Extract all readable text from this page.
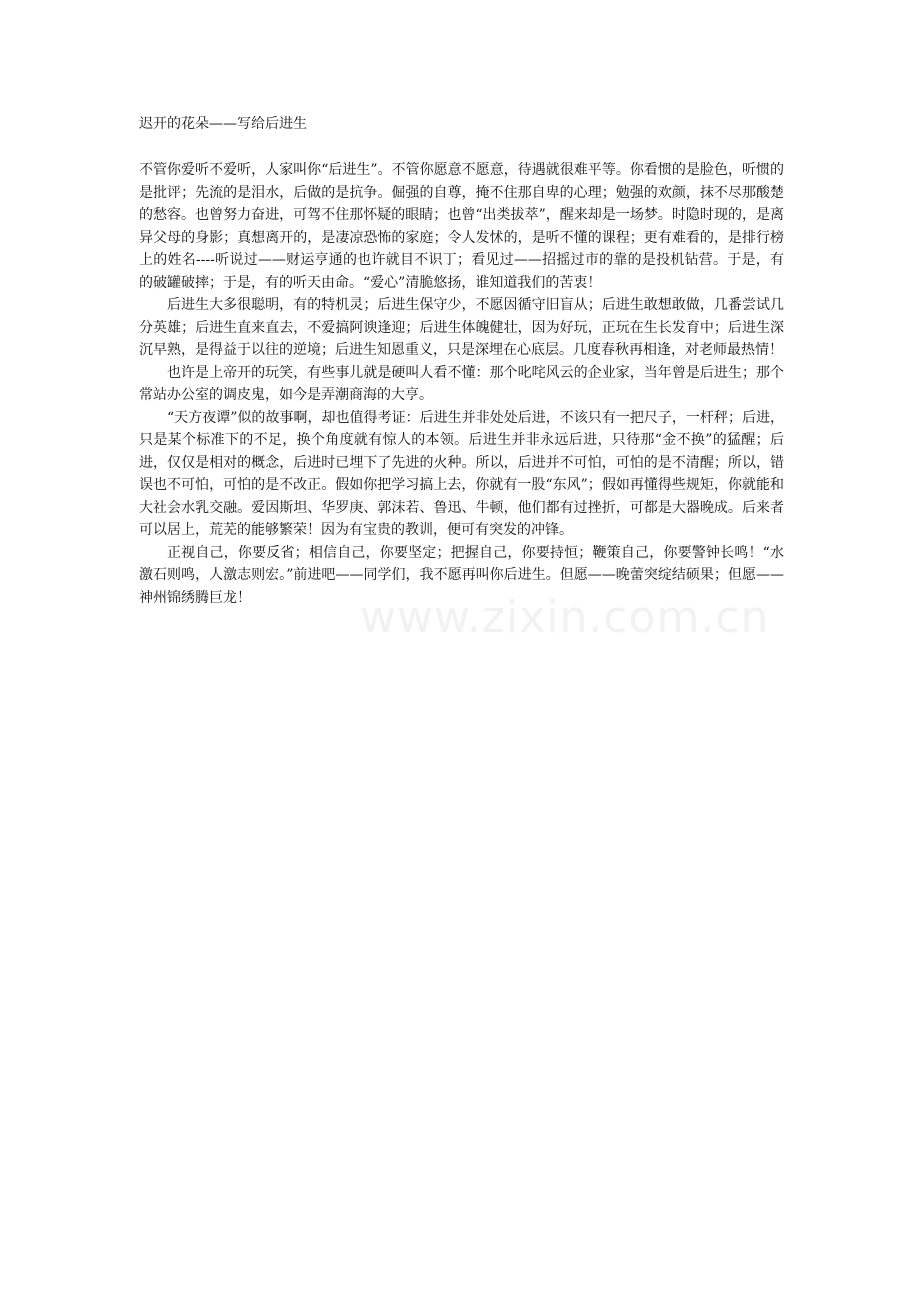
迟开的花朵——写给后进生

不管你爱听不爱听，人家叫你“后进生”。不管你愿意不愿意，待遇就很难平等。你看惯的是脸色，听惯的是批评；先流的是泪水，后做的是抗争。倔强的自尊，掩不住那自卑的心理；勉强的欢颜，抹不尽那酸楚的愁容。也曾努力奋进，可驾不住那怀疑的眼睛；也曾“出类拔萃”，醒来却是一场梦。时隐时现的，是离异父母的身影；真想离开的，是凄凉恐怖的家庭；令人发怵的，是听不懂的课程；更有难看的，是排行榜上的姓名----听说过——财运亨通的也许就目不识丁；看见过——招摇过市的靠的是投机钻营。于是，有的破罐破摔；于是，有的听天由命。“爱心”清脆悠扬，谁知道我们的苦衷！

后进生大多很聪明，有的特机灵；后进生保守少，不愿因循守旧盲从；后进生敢想敢做，几番尝试几分英雄；后进生直来直去，不爱搞阿谀逢迎；后进生体魄健壮，因为好玩，正玩在生长发育中；后进生深沉早熟，是得益于以往的逆境；后进生知恩重义，只是深埋在心底层。几度春秋再相逢，对老师最热情！

也许是上帝开的玩笑，有些事儿就是硬叫人看不懂：那个叱咤风云的企业家，当年曾是后进生；那个常站办公室的调皮鬼，如今是弄潮商海的大亨。

“天方夜谭”似的故事啊，却也值得考证：后进生并非处处后进，不该只有一把尺子，一杆秤；后进，只是某个标准下的不足，换个角度就有惊人的本领。后进生并非永远后进，只待那“金不换”的猛醒；后进，仅仅是相对的概念，后进时已埋下了先进的火种。所以，后进并不可怕，可怕的是不清醒；所以，错误也不可怕，可怕的是不改正。假如你把学习搞上去，你就有一股“东风”；假如再懂得些规矩，你就能和大社会水乳交融。爱因斯坦、华罗庚、郭沫若、鲁迅、牛顿，他们都有过挫折，可都是大器晚成。后来者可以居上，荒芜的能够繁荣！因为有宝贵的教训，便可有突发的冲锋。

正视自己，你要反省；相信自己，你要坚定；把握自己，你要持恒；鞭策自己，你要警钟长鸣！“水激石则鸣，人激志则宏。”前进吧——同学们，我不愿再叫你后进生。但愿——晚蕾突绽结硕果；但愿——神州锦绣腾巨龙！	www.zixin.com.cn
